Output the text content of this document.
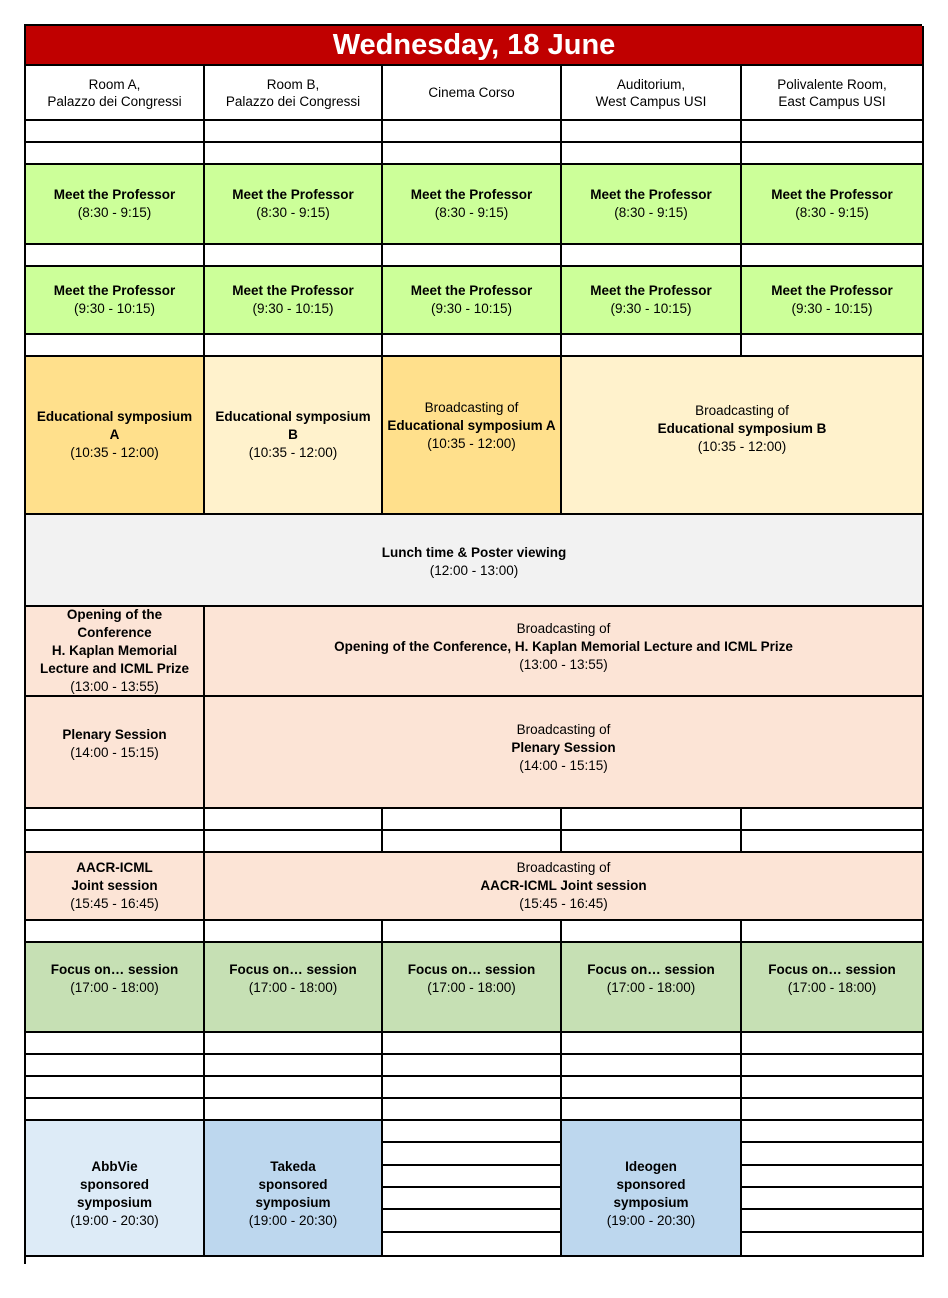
Wednesday, 18 June
Room A,
Palazzo dei Congressi
Room B,
Palazzo dei Congressi
Cinema Corso
Auditorium,
West Campus USI
Polivalente Room,
East Campus USI
Meet the Professor
(8:30 - 9:15)
Meet the Professor
(8:30 - 9:15)
Meet the Professor
(8:30 - 9:15)
Meet the Professor
(8:30 - 9:15)
Meet the Professor
(8:30 - 9:15)
Meet the Professor
(9:30 - 10:15)
Meet the Professor
(9:30 - 10:15)
Meet the Professor
(9:30 - 10:15)
Meet the Professor
(9:30 - 10:15)
Meet the Professor
(9:30 - 10:15)
Educational symposium
A
(10:35 - 12:00)
Educational symposium
B
(10:35 - 12:00)
Broadcasting of
Educational symposium A
(10:35 - 12:00)
Broadcasting of
Educational symposium B
(10:35 - 12:00)
Lunch time & Poster viewing
(12:00 - 13:00)
Opening of the
Conference
H. Kaplan Memorial
Lecture and ICML Prize
(13:00 - 13:55)
Broadcasting of
Opening of the Conference, H. Kaplan Memorial Lecture and ICML Prize
(13:00 - 13:55)
Plenary Session
(14:00 - 15:15)
Broadcasting of
Plenary Session
(14:00 - 15:15)
AACR-ICML
Joint session
(15:45 - 16:45)
Broadcasting of
AACR-ICML Joint session
(15:45 - 16:45)
Focus on… session
(17:00 - 18:00)
Focus on… session
(17:00 - 18:00)
Focus on… session
(17:00 - 18:00)
Focus on… session
(17:00 - 18:00)
Focus on… session
(17:00 - 18:00)
AbbVie
sponsored
symposium
(19:00 - 20:30)
Takeda
sponsored
symposium
(19:00 - 20:30)
Ideogen
sponsored
symposium
(19:00 - 20:30)
